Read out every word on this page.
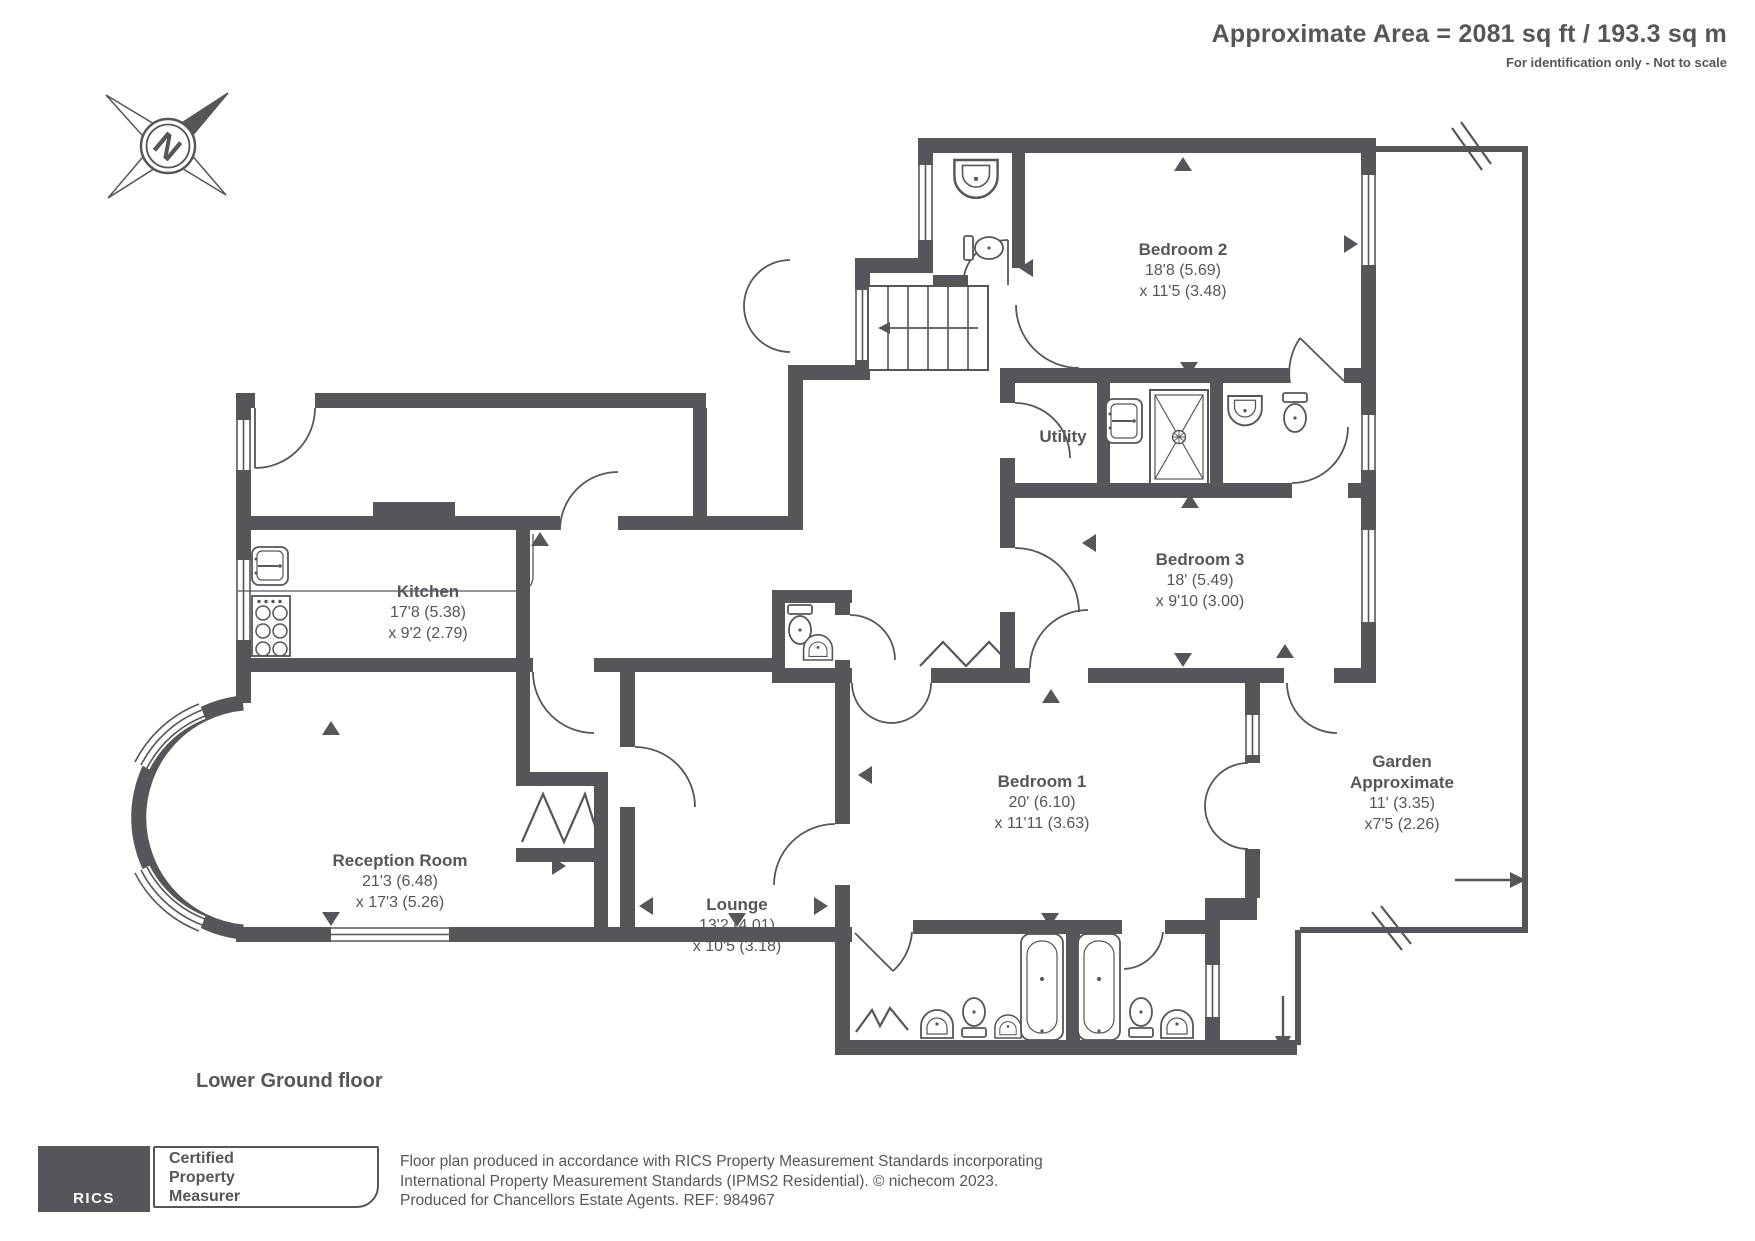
N
Approximate Area = 2081 sq ft / 193.3 sq m
For identification only - Not to scale
Bedroom 2
18'8 (5.69)
x 11'5 (3.48)
Utility
Bedroom 3
18' (5.49)
x 9'10 (3.00)
Kitchen
17'8 (5.38)
x 9'2 (2.79)
Reception Room
21'3 (6.48)
x 17'3 (5.26)	Lounge
13'2 (4.01)
x 10'5 (3.18)
Bedroom 1
20' (6.10)
x 11'11 (3.63)
Garden
Approximate
11' (3.35)
x7'5 (2.26)
Lower Ground floor
RICS
Certified
Property
Measurer
Floor plan produced in accordance with RICS Property Measurement Standards incorporating
International Property Measurement Standards (IPMS2 Residential). © nichecom 2023.
Produced for Chancellors Estate Agents. REF: 984967
